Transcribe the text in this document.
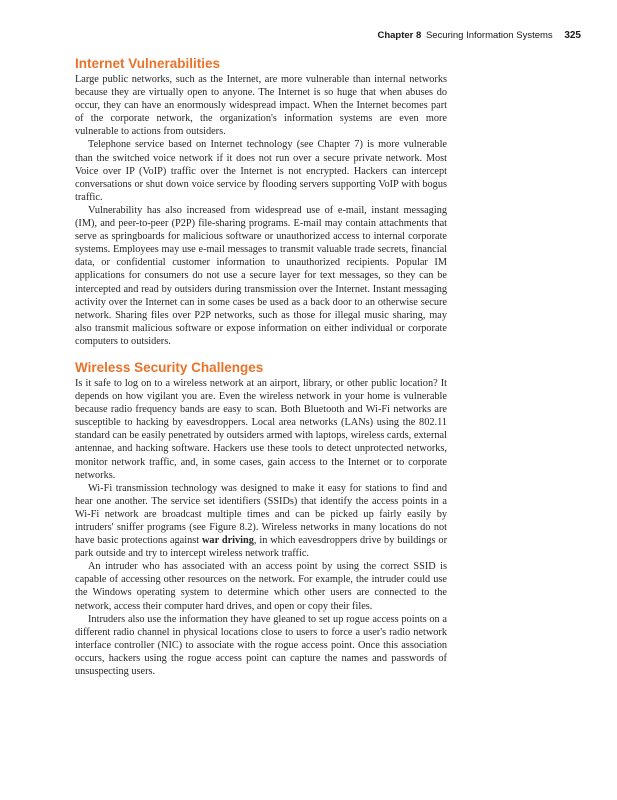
Chapter 8 Securing Information Systems 325
Internet Vulnerabilities

Large public networks, such as the Internet, are more vulnerable than internal networks because they are virtually open to anyone. The Internet is so huge that when abuses do occur, they can have an enormously widespread impact. When the Internet becomes part of the corporate network, the organization's information systems are even more vulnerable to actions from outsiders.

Telephone service based on Internet technology (see Chapter 7) is more vulnerable than the switched voice network if it does not run over a secure private network. Most Voice over IP (VoIP) traffic over the Internet is not encrypted. Hackers can intercept conversations or shut down voice service by flooding servers supporting VoIP with bogus traffic.

Vulnerability has also increased from widespread use of e-mail, instant messaging (IM), and peer-to-peer (P2P) file-sharing programs. E-mail may contain attachments that serve as springboards for malicious software or unauthorized access to internal corporate systems. Employees may use e-mail messages to transmit valuable trade secrets, financial data, or confidential customer information to unauthorized recipients. Popular IM applications for consumers do not use a secure layer for text messages, so they can be intercepted and read by outsiders during transmission over the Internet. Instant messaging activity over the Internet can in some cases be used as a back door to an otherwise secure network. Sharing files over P2P networks, such as those for illegal music sharing, may also transmit malicious software or expose information on either individual or corporate computers to outsiders.

Wireless Security Challenges

Is it safe to log on to a wireless network at an airport, library, or other public location? It depends on how vigilant you are. Even the wireless network in your home is vulnerable because radio frequency bands are easy to scan. Both Bluetooth and Wi-Fi networks are susceptible to hacking by eavesdroppers. Local area networks (LANs) using the 802.11 standard can be easily penetrated by outsiders armed with laptops, wireless cards, external antennae, and hacking software. Hackers use these tools to detect unprotected networks, monitor network traffic, and, in some cases, gain access to the Internet or to corporate networks.

Wi-Fi transmission technology was designed to make it easy for stations to find and hear one another. The service set identifiers (SSIDs) that identify the access points in a Wi-Fi network are broadcast multiple times and can be picked up fairly easily by intruders' sniffer programs (see Figure 8.2). Wireless networks in many locations do not have basic protections against war driving, in which eavesdroppers drive by buildings or park outside and try to intercept wireless network traffic.

An intruder who has associated with an access point by using the correct SSID is capable of accessing other resources on the network. For example, the intruder could use the Windows operating system to determine which other users are connected to the network, access their computer hard drives, and open or copy their files.

Intruders also use the information they have gleaned to set up rogue access points on a different radio channel in physical locations close to users to force a user's radio network interface controller (NIC) to associate with the rogue access point. Once this association occurs, hackers using the rogue access point can capture the names and passwords of unsuspecting users.
